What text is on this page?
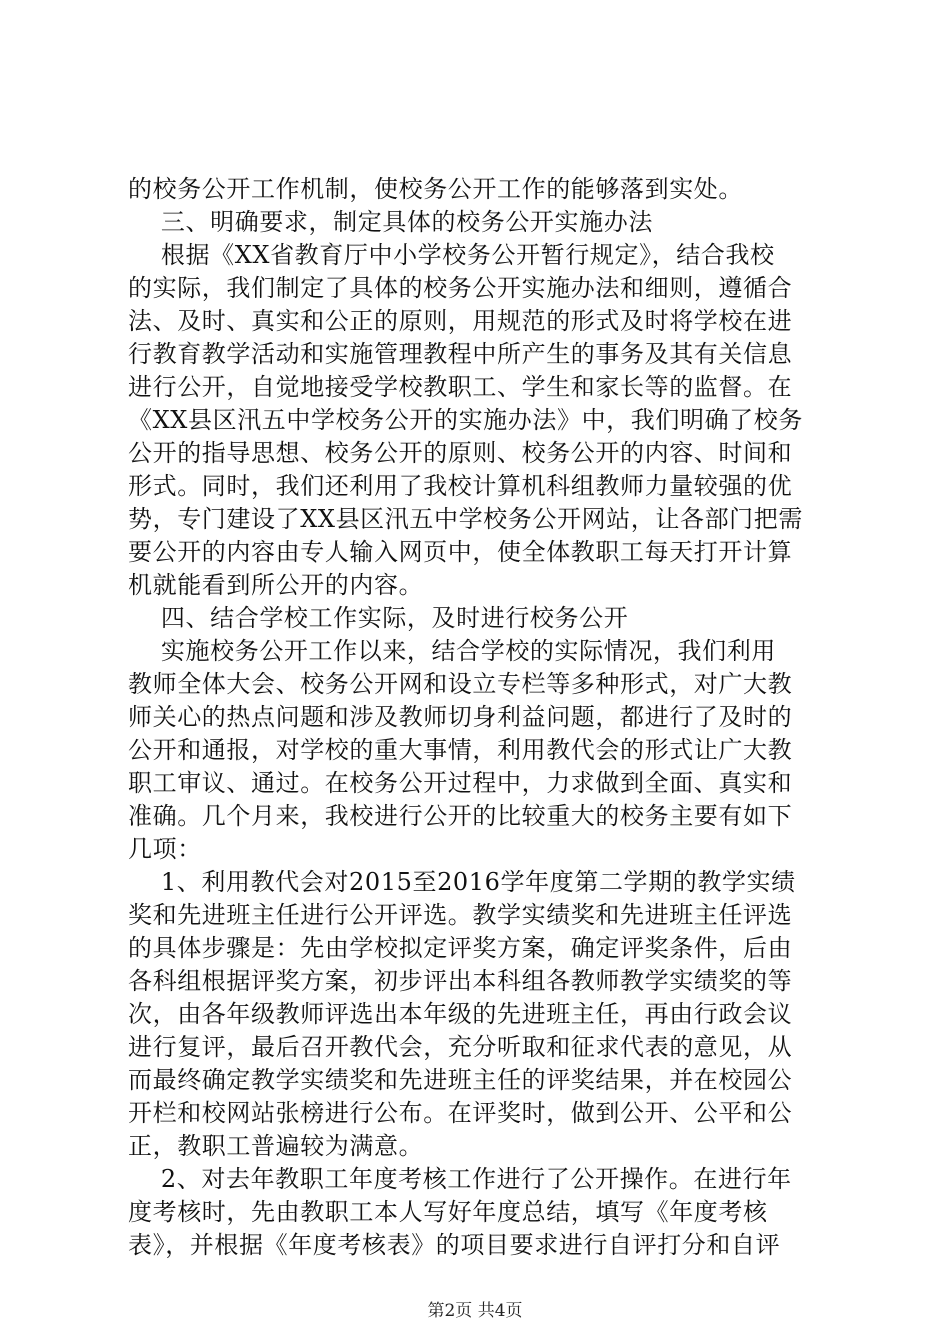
的校务公开工作机制，使校务公开工作的能够落到实处。
三、明确要求，制定具体的校务公开实施办法
根据《XX省教育厅中小学校务公开暂行规定》，结合我校
的实际，我们制定了具体的校务公开实施办法和细则，遵循合
法、及时、真实和公正的原则，用规范的形式及时将学校在进
行教育教学活动和实施管理教程中所产生的事务及其有关信息
进行公开，自觉地接受学校教职工、学生和家长等的监督。在
《XX县区汛五中学校务公开的实施办法》中，我们明确了校务
公开的指导思想、校务公开的原则、校务公开的内容、时间和
形式。同时，我们还利用了我校计算机科组教师力量较强的优
势，专门建设了XX县区汛五中学校务公开网站，让各部门把需
要公开的内容由专人输入网页中，使全体教职工每天打开计算
机就能看到所公开的内容。
四、结合学校工作实际，及时进行校务公开
实施校务公开工作以来，结合学校的实际情况，我们利用
教师全体大会、校务公开网和设立专栏等多种形式，对广大教
师关心的热点问题和涉及教师切身利益问题，都进行了及时的
公开和通报，对学校的重大事情，利用教代会的形式让广大教
职工审议、通过。在校务公开过程中，力求做到全面、真实和
准确。几个月来，我校进行公开的比较重大的校务主要有如下
几项：
1、利用教代会对2015至2016学年度第二学期的教学实绩
奖和先进班主任进行公开评选。教学实绩奖和先进班主任评选
的具体步骤是：先由学校拟定评奖方案，确定评奖条件，后由
各科组根据评奖方案，初步评出本科组各教师教学实绩奖的等
次，由各年级教师评选出本年级的先进班主任，再由行政会议
进行复评，最后召开教代会，充分听取和征求代表的意见，从
而最终确定教学实绩奖和先进班主任的评奖结果，并在校园公
开栏和校网站张榜进行公布。在评奖时，做到公开、公平和公
正，教职工普遍较为满意。
2、对去年教职工年度考核工作进行了公开操作。在进行年
度考核时，先由教职工本人写好年度总结，填写《年度考核
表》，并根据《年度考核表》的项目要求进行自评打分和自评
第2页 共4页
